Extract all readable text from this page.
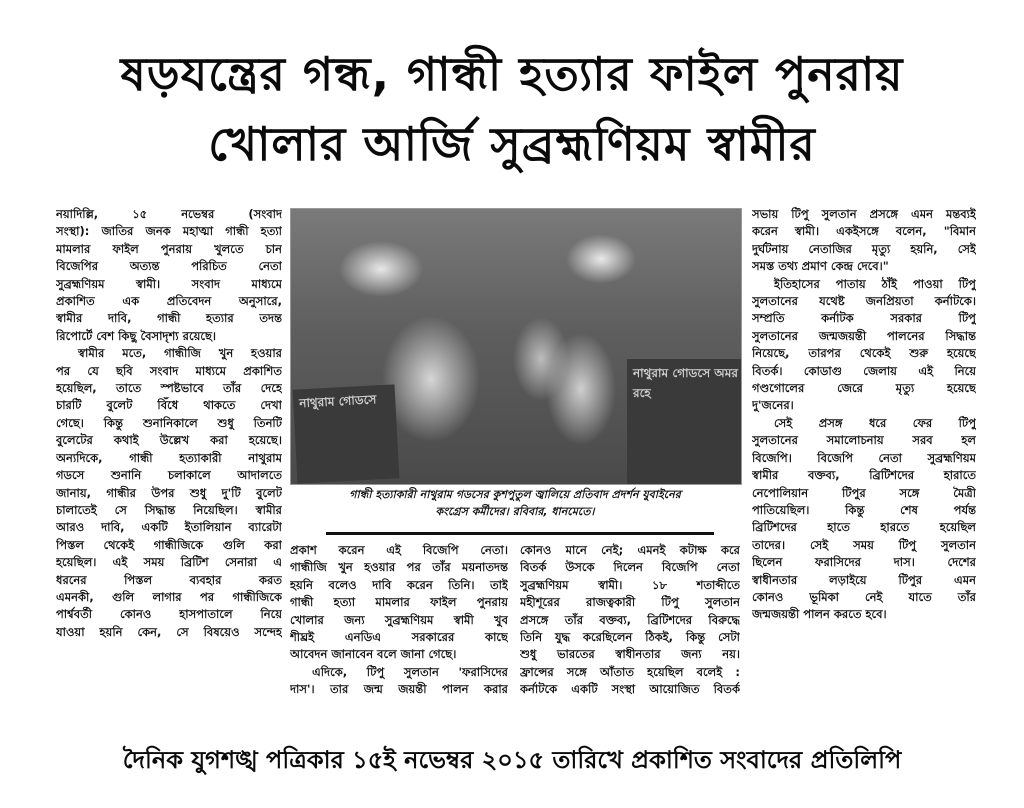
ষড়যন্ত্রের গন্ধ, গান্ধী হত্যার ফাইল পুনরায়
খোলার আর্জি সুব্রহ্মণিয়ম স্বামীর
নয়াদিল্লি, ১৫ নভেম্বর (সংবাদ
সংস্থা): জাতির জনক মহাত্মা গান্ধী হত্যা
মামলার ফাইল পুনরায় খুলতে চান
বিজেপির অত্যন্ত পরিচিত নেতা
সুব্রহ্মণিয়ম স্বামী। সংবাদ মাধ্যমে
প্রকাশিত এক প্রতিবেদন অনুসারে,
স্বামীর দাবি, গান্ধী হত্যার তদন্ত
রিপোর্টে বেশ কিছু বৈসাদৃশ্য রয়েছে।
স্বামীর মতে, গান্ধীজি খুন হওয়ার
পর যে ছবি সংবাদ মাধ্যমে প্রকাশিত
হয়েছিল, তাতে স্পষ্টভাবে তাঁর দেহে
চারটি বুলেট বিঁধে থাকতে দেখা
গেছে। কিন্তু শুনানিকালে শুধু তিনটি
বুলেটের কথাই উল্লেখ করা হয়েছে।
অন্যদিকে, গান্ধী হত্যাকারী নাথুরাম
গডসে শুনানি চলাকালে আদালতে
জানায়, গান্ধীর উপর শুধু দু'টি বুলেট
চালাতেই সে সিদ্ধান্ত নিয়েছিল। স্বামীর
আরও দাবি, একটি ইতালিয়ান ব্যারেটা
পিস্তল থেকেই গান্ধীজিকে গুলি করা
হয়েছিল। এই সময় ব্রিটিশ সেনারা এ
ধরনের পিস্তল ব্যবহার করত
এমনকী, গুলি লাগার পর গান্ধীজিকে
পার্শ্ববর্তী কোনও হাসপাতালে নিয়ে
যাওয়া হয়নি কেন, সে বিষয়েও সন্দেহ
নাথুরাম গোডসে
নাথুরাম গোডসে অমর রহে
গান্ধী হত্যাকারী নাথুরাম গডসের কুশপুতুল জ্বালিয়ে প্রতিবাদ প্রদর্শন যুবাইনের
কংগ্রেস কর্মীদের। রবিবার, ধানমেতে।
প্রকাশ করেন এই বিজেপি নেতা।
গান্ধীজি খুন হওয়ার পর তাঁর ময়নাতদন্ত
হয়নি বলেও দাবি করেন তিনি। তাই
গান্ধী হত্যা মামলার ফাইল পুনরায়
খোলার জন্য সুব্রহ্মণিয়ম স্বামী খুব
শীঘ্রই এনডিএ সরকারের কাছে
আবেদন জানাবেন বলে জানা গেছে।
এদিকে, টিপু সুলতান 'ফরাসিদের
দাস'। তার জন্ম জয়ন্তী পালন করার
কোনও মানে নেই; এমনই কটাক্ষ করে
বিতর্ক উসকে দিলেন বিজেপি নেতা
সুব্রহ্মণিয়ম স্বামী। ১৮ শতাব্দীতে
মহীশূরের রাজত্বকারী টিপু সুলতান
প্রসঙ্গে তাঁর বক্তব্য, ব্রিটিশদের বিরুদ্ধে
তিনি যুদ্ধ করেছিলেন ঠিকই, কিন্তু সেটা
শুধু ভারতের স্বাধীনতার জন্য নয়।
ফ্রান্সের সঙ্গে আঁতাত হয়েছিল বলেই :
কর্নাটকে একটি সংস্থা আয়োজিত বিতর্ক
সভায় টিপু সুলতান প্রসঙ্গে এমন মন্তব্যই
করেন স্বামী। একইসঙ্গে বলেন, "বিমান
দুর্ঘটনায় নেতাজির মৃত্যু হয়নি, সেই
সমস্ত তথ্য প্রমাণ কেন্দ্র দেবে।"
ইতিহাসের পাতায় ঠাঁই পাওয়া টিপু
সুলতানের যথেষ্ট জনপ্রিয়তা কর্নাটকে।
সম্প্রতি কর্নাটক সরকার টিপু
সুলতানের জন্মজয়ন্তী পালনের সিদ্ধান্ত
নিয়েছে, তারপর থেকেই শুরু হয়েছে
বিতর্ক। কোডাগু জেলায় এই নিয়ে
গণ্ডগোলের জেরে মৃত্যু হয়েছে
দু'জনের।
সেই প্রসঙ্গ ধরে ফের টিপু
সুলতানের সমালোচনায় সরব হল
বিজেপি। বিজেপি নেতা সুব্রহ্মণিয়ম
স্বামীর বক্তব্য, ব্রিটিশদের হারাতে
নেপোলিয়ান টিপুর সঙ্গে মৈত্রী
পাতিয়েছিল। কিন্তু শেষ পর্যন্ত
ব্রিটিশদের হাতে হারতে হয়েছিল
তাদের। সেই সময় টিপু সুলতান
ছিলেন ফরাসিদের দাস। দেশের
স্বাধীনতার লড়াইয়ে টিপুর এমন
কোনও ভূমিকা নেই যাতে তাঁর
জন্মজয়ন্তী পালন করতে হবে।
দৈনিক যুগশঙ্খ পত্রিকার ১৫ই নভেম্বর ২০১৫ তারিখে প্রকাশিত সংবাদের প্রতিলিপি
